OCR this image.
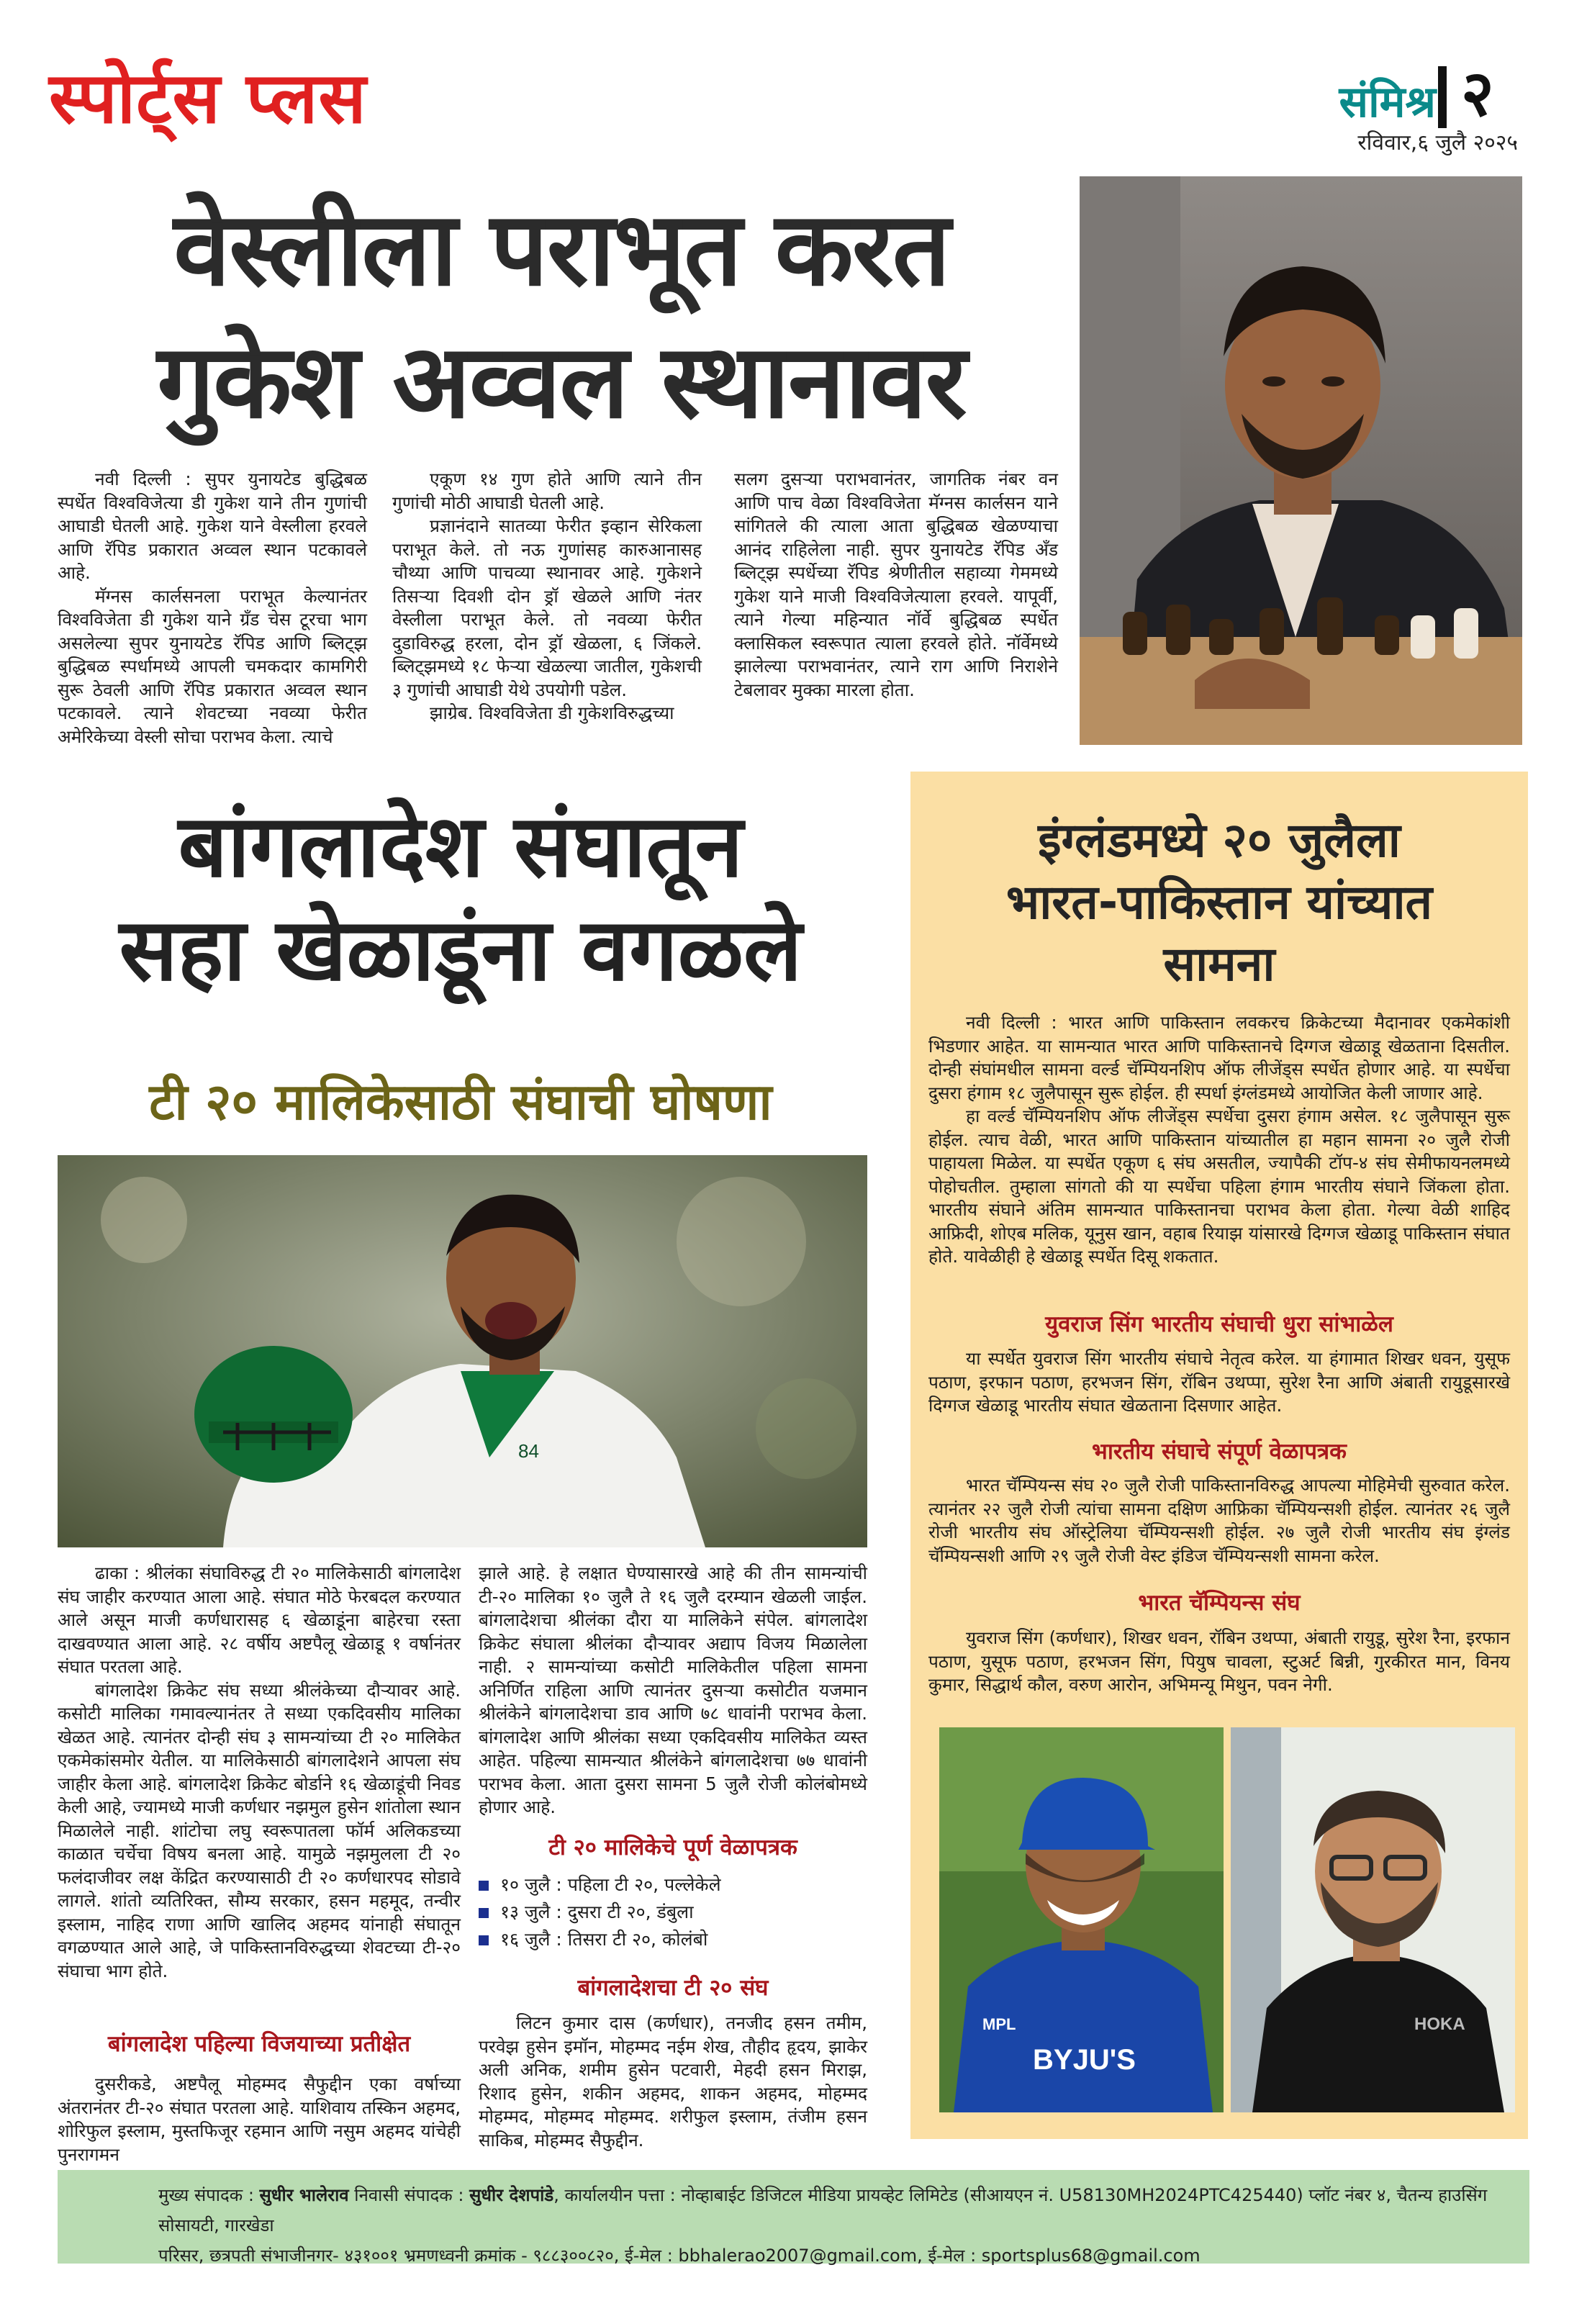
स्पोर्ट्स प्लस	संमिश्र २
रविवार,६ जुलै २०२५
वेस्लीला पराभूत करत
गुकेश अव्वल स्थानावर

नवी दिल्ली : सुपर युनायटेड बुद्धिबळ स्पर्धेत विश्वविजेत्या डी गुकेश याने तीन गुणांची आघाडी घेतली आहे. गुकेश याने वेस्लीला हरवले आणि रॅपिड प्रकारात अव्वल स्थान पटकावले आहे.

मॅग्नस कार्लसनला पराभूत केल्यानंतर विश्वविजेता डी गुकेश याने ग्रँड चेस टूरचा भाग असलेल्या सुपर युनायटेड रॅपिड आणि ब्लिट्झ बुद्धिबळ स्पर्धामध्ये आपली चमकदार कामगिरी सुरू ठेवली आणि रॅपिड प्रकारात अव्वल स्थान पटकावले. त्याने शेवटच्या नवव्या फेरीत अमेरिकेच्या वेस्ली सोचा पराभव केला. त्याचे

एकूण १४ गुण होते आणि त्याने तीन गुणांची मोठी आघाडी घेतली आहे.

प्रज्ञानंदाने सातव्या फेरीत इव्हान सेरिकला पराभूत केले. तो नऊ गुणांसह कारुआनासह चौथ्या आणि पाचव्या स्थानावर आहे. गुकेशने तिसऱ्या दिवशी दोन ड्रॉ खेळले आणि नंतर वेस्लीला पराभूत केले. तो नवव्या फेरीत दुडाविरुद्ध हरला, दोन ड्रॉ खेळला, ६ जिंकले. ब्लिट्झमध्ये १८ फेऱ्या खेळल्या जातील, गुकेशची ३ गुणांची आघाडी येथे उपयोगी पडेल.

झाग्रेब. विश्वविजेता डी गुकेशविरुद्धच्या

सलग दुसऱ्या पराभवानंतर, जागतिक नंबर वन आणि पाच वेळा विश्वविजेता मॅग्नस कार्लसन याने सांगितले की त्याला आता बुद्धिबळ खेळण्याचा आनंद राहिलेला नाही. सुपर युनायटेड रॅपिड अँड ब्लिट्झ स्पर्धेच्या रॅपिड श्रेणीतील सहाव्या गेममध्ये गुकेश याने माजी विश्वविजेत्याला हरवले. यापूर्वी, त्याने गेल्या महिन्यात नॉर्वे बुद्धिबळ स्पर्धेत क्लासिकल स्वरूपात त्याला हरवले होते. नॉर्वेमध्ये झालेल्या पराभवानंतर, त्याने राग आणि निराशेने टेबलावर मुक्का मारला होता.

बांगलादेश संघातून
सहा खेळाडूंना वगळले
टी २० मालिकेसाठी संघाची घोषणा
84

ढाका : श्रीलंका संघाविरुद्ध टी २० मालिकेसाठी बांगलादेश संघ जाहीर करण्यात आला आहे. संघात मोठे फेरबदल करण्यात आले असून माजी कर्णधारासह ६ खेळाडूंना बाहेरचा रस्ता दाखवण्यात आला आहे. २८ वर्षीय अष्टपैलू खेळाडू १ वर्षानंतर संघात परतला आहे.

बांगलादेश क्रिकेट संघ सध्या श्रीलंकेच्या दौऱ्यावर आहे. कसोटी मालिका गमावल्यानंतर ते सध्या एकदिवसीय मालिका खेळत आहे. त्यानंतर दोन्ही संघ ३ सामन्यांच्या टी २० मालिकेत एकमेकांसमोर येतील. या मालिकेसाठी बांगलादेशने आपला संघ जाहीर केला आहे. बांगलादेश क्रिकेट बोर्डाने १६ खेळाडूंची निवड केली आहे, ज्यामध्ये माजी कर्णधार नझमुल हुसेन शांतोला स्थान मिळालेले नाही. शांटोचा लघु स्वरूपातला फॉर्म अलिकडच्या काळात चर्चेचा विषय बनला आहे. यामुळे नझमुलला टी २० फलंदाजीवर लक्ष केंद्रित करण्यासाठी टी २० कर्णधारपद सोडावे लागले. शांतो व्यतिरिक्त, सौम्य सरकार, हसन महमूद, तन्वीर इस्लाम, नाहिद राणा आणि खालिद अहमद यांनाही संघातून वगळण्यात आले आहे, जे पाकिस्तानविरुद्धच्या शेवटच्या टी-२० संघाचा भाग होते.

बांगलादेश पहिल्या विजयाच्या प्रतीक्षेत

दुसरीकडे, अष्टपैलू मोहम्मद सैफुद्दीन एका वर्षाच्या अंतरानंतर टी-२० संघात परतला आहे. याशिवाय तस्किन अहमद, शोरिफुल इस्लाम, मुस्तफिजूर रहमान आणि नसुम अहमद यांचेही पुनरागमन

झाले आहे. हे लक्षात घेण्यासारखे आहे की तीन सामन्यांची टी-२० मालिका १० जुलै ते १६ जुलै दरम्यान खेळली जाईल. बांगलादेशचा श्रीलंका दौरा या मालिकेने संपेल. बांगलादेश क्रिकेट संघाला श्रीलंका दौऱ्यावर अद्याप विजय मिळालेला नाही. २ सामन्यांच्या कसोटी मालिकेतील पहिला सामना अनिर्णित राहिला आणि त्यानंतर दुसऱ्या कसोटीत यजमान श्रीलंकेने बांगलादेशचा डाव आणि ७८ धावांनी पराभव केला. बांगलादेश आणि श्रीलंका सध्या एकदिवसीय मालिकेत व्यस्त आहेत. पहिल्या सामन्यात श्रीलंकेने बांगलादेशचा ७७ धावांनी पराभव केला. आता दुसरा सामना 5 जुलै रोजी कोलंबोमध्ये होणार आहे.

टी २० मालिकेचे पूर्ण वेळापत्रक
१० जुलै : पहिला टी २०, पल्लेकेले
१३ जुलै : दुसरा टी २०, डंबुला
१६ जुलै : तिसरा टी २०, कोलंबो
बांगलादेशचा टी २० संघ

लिटन कुमार दास (कर्णधार), तनजीद हसन तमीम, परवेझ हुसेन इमॉन, मोहम्मद नईम शेख, तौहीद हृदय, झाकेर अली अनिक, शमीम हुसेन पटवारी, मेहदी हसन मिराझ, रिशाद हुसेन, शकीन अहमद, शाकन अहमद, मोहम्मद मोहम्मद, मोहम्मद मोहम्मद. शरीफुल इस्लाम, तंजीम हसन साकिब, मोहम्मद सैफुद्दीन.

इंग्लंडमध्ये २० जुलैला
भारत-पाकिस्तान यांच्यात
सामना

नवी दिल्ली : भारत आणि पाकिस्तान लवकरच क्रिकेटच्या मैदानावर एकमेकांशी भिडणार आहेत. या सामन्यात भारत आणि पाकिस्तानचे दिग्गज खेळाडू खेळताना दिसतील. दोन्ही संघांमधील सामना वर्ल्ड चॅम्पियनशिप ऑफ लीजेंड्स स्पर्धेत होणार आहे. या स्पर्धेचा दुसरा हंगाम १८ जुलैपासून सुरू होईल. ही स्पर्धा इंग्लंडमध्ये आयोजित केली जाणार आहे.

हा वर्ल्ड चॅम्पियनशिप ऑफ लीजेंड्स स्पर्धेचा दुसरा हंगाम असेल. १८ जुलैपासून सुरू होईल. त्याच वेळी, भारत आणि पाकिस्तान यांच्यातील हा महान सामना २० जुलै रोजी पाहायला मिळेल. या स्पर्धेत एकूण ६ संघ असतील, ज्यापैकी टॉप-४ संघ सेमीफायनलमध्ये पोहोचतील. तुम्हाला सांगतो की या स्पर्धेचा पहिला हंगाम भारतीय संघाने जिंकला होता. भारतीय संघाने अंतिम सामन्यात पाकिस्तानचा पराभव केला होता. गेल्या वेळी शाहिद आफ्रिदी, शोएब मलिक, यूनुस खान, वहाब रियाझ यांसारखे दिग्गज खेळाडू पाकिस्तान संघात होते. यावेळीही हे खेळाडू स्पर्धेत दिसू शकतात.

युवराज सिंग भारतीय संघाची धुरा सांभाळेल

या स्पर्धेत युवराज सिंग भारतीय संघाचे नेतृत्व करेल. या हंगामात शिखर धवन, युसूफ पठाण, इरफान पठाण, हरभजन सिंग, रॉबिन उथप्पा, सुरेश रैना आणि अंबाती रायुडूसारखे दिग्गज खेळाडू भारतीय संघात खेळताना दिसणार आहेत.

भारतीय संघाचे संपूर्ण वेळापत्रक

भारत चॅम्पियन्स संघ २० जुलै रोजी पाकिस्तानविरुद्ध आपल्या मोहिमेची सुरुवात करेल. त्यानंतर २२ जुलै रोजी त्यांचा सामना दक्षिण आफ्रिका चॅम्पियन्सशी होईल. त्यानंतर २६ जुलै रोजी भारतीय संघ ऑस्ट्रेलिया चॅम्पियन्सशी होईल. २७ जुलै रोजी भारतीय संघ इंग्लंड चॅम्पियन्सशी आणि २९ जुलै रोजी वेस्ट इंडिज चॅम्पियन्सशी सामना करेल.

भारत चॅम्पियन्स संघ

युवराज सिंग (कर्णधार), शिखर धवन, रॉबिन उथप्पा, अंबाती रायुडू, सुरेश रैना, इरफान पठाण, युसूफ पठाण, हरभजन सिंग, पियुष चावला, स्टुअर्ट बिन्नी, गुरकीरत मान, विनय कुमार, सिद्धार्थ कौल, वरुण आरोन, अभिमन्यू मिथुन, पवन नेगी.

BYJU'S
MPL	HOKA
मुख्य संपादक : सुधीर भालेराव निवासी संपादक : सुधीर देशपांडे, कार्यालयीन पत्ता : नोव्हाबाईट डिजिटल मीडिया प्रायव्हेट लिमिटेड (सीआयएन नं. U58130MH2024PTC425440) प्लॉट नंबर ४, चैतन्य हाउसिंग सोसायटी, गारखेडा
परिसर, छत्रपती संभाजीनगर- ४३१००१ भ्रमणध्वनी क्रमांक - ९८८३००८२०, ई-मेल : bbhalerao2007@gmail.com, ई-मेल : sportsplus68@gmail.com
